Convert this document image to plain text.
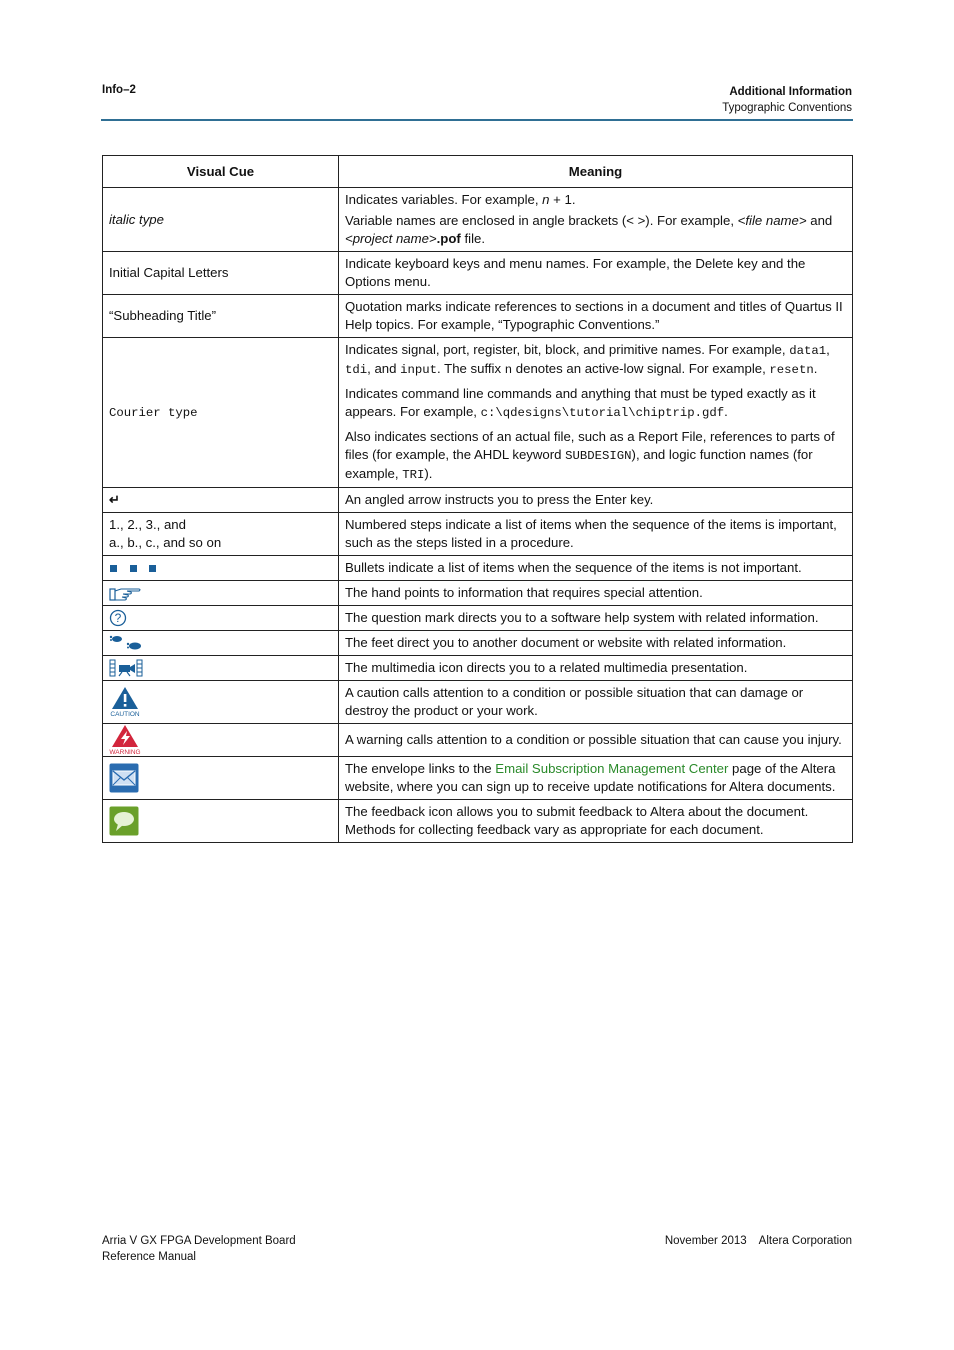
Info–2	Additional Information
Typographic Conventions
Visual Cue	Meaning
italic type	Indicates variables. For example, n + 1.
Variable names are enclosed in angle brackets (< >). For example, <file name> and <project name>.pof file.

Initial Capital Letters	Indicate keyboard keys and menu names. For example, the Delete key and the Options menu.

“Subheading Title”	Quotation marks indicate references to sections in a document and titles of Quartus II Help topics. For example, “Typographic Conventions.”

Courier type	Indicates signal, port, register, bit, block, and primitive names. For example, data1, tdi, and input. The suffix n denotes an active-low signal. For example, resetn.
Indicates command line commands and anything that must be typed exactly as it appears. For example, c:\qdesigns\tutorial\chiptrip.gdf.
Also indicates sections of an actual file, such as a Report File, references to parts of files (for example, the AHDL keyword SUBDESIGN), and logic function names (for example, TRI).

↵	An angled arrow instructs you to press the Enter key.

1., 2., 3., and
a., b., c., and so on	Numbered steps indicate a list of items when the sequence of the items is important, such as the steps listed in a procedure.

Bullets indicate a list of items when the sequence of the items is not important.

The hand points to information that requires special attention.

?	The question mark directs you to a software help system with related information.

The feet direct you to another document or website with related information.

The multimedia icon directs you to a related multimedia presentation.

CAUTION	A caution calls attention to a condition or possible situation that can damage or destroy the product or your work.

WARNING	A warning calls attention to a condition or possible situation that can cause you injury.

The envelope links to the Email Subscription Management Center page of the Altera website, where you can sign up to receive update notifications for Altera documents.

The feedback icon allows you to submit feedback to Altera about the document. Methods for collecting feedback vary as appropriate for each document.
Arria V GX FPGA Development Board
Reference Manual
November 2013 Altera Corporation
